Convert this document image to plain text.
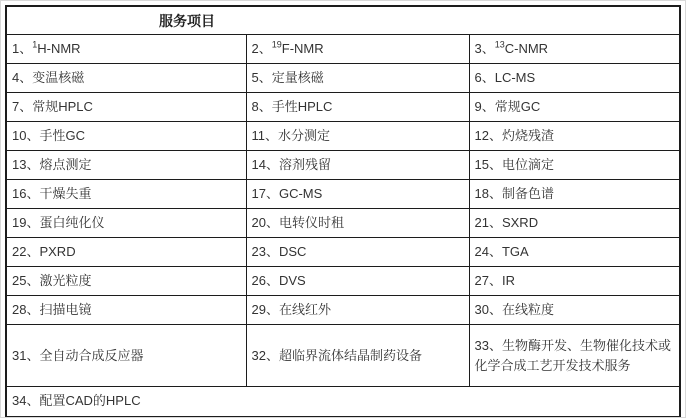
服务项目		
1、$^1$H-NMR	2、$^{19}$F-NMR	3、$^{13}$C-NMR
4、变温核磁	5、定量核磁	6、LC-MS
7、常规HPLC	8、手性HPLC	9、常规GC
10、手性GC	11、水分测定	12、灼烧残渣
13、熔点测定	14、溶剂残留	15、电位滴定
16、干燥失重	17、GC-MS	18、制备色谱
19、蛋白纯化仪	20、电转仪时租	21、SXRD
22、PXRD	23、DSC	24、TGA
25、激光粒度	26、DVS	27、IR
28、扫描电镜	29、在线红外	30、在线粒度
31、全自动合成反应器	32、超临界流体结晶制药设备	33、生物酶开发、生物催化技术或化学合成工艺开发技术服务
34、配置CAD的HPLC		
